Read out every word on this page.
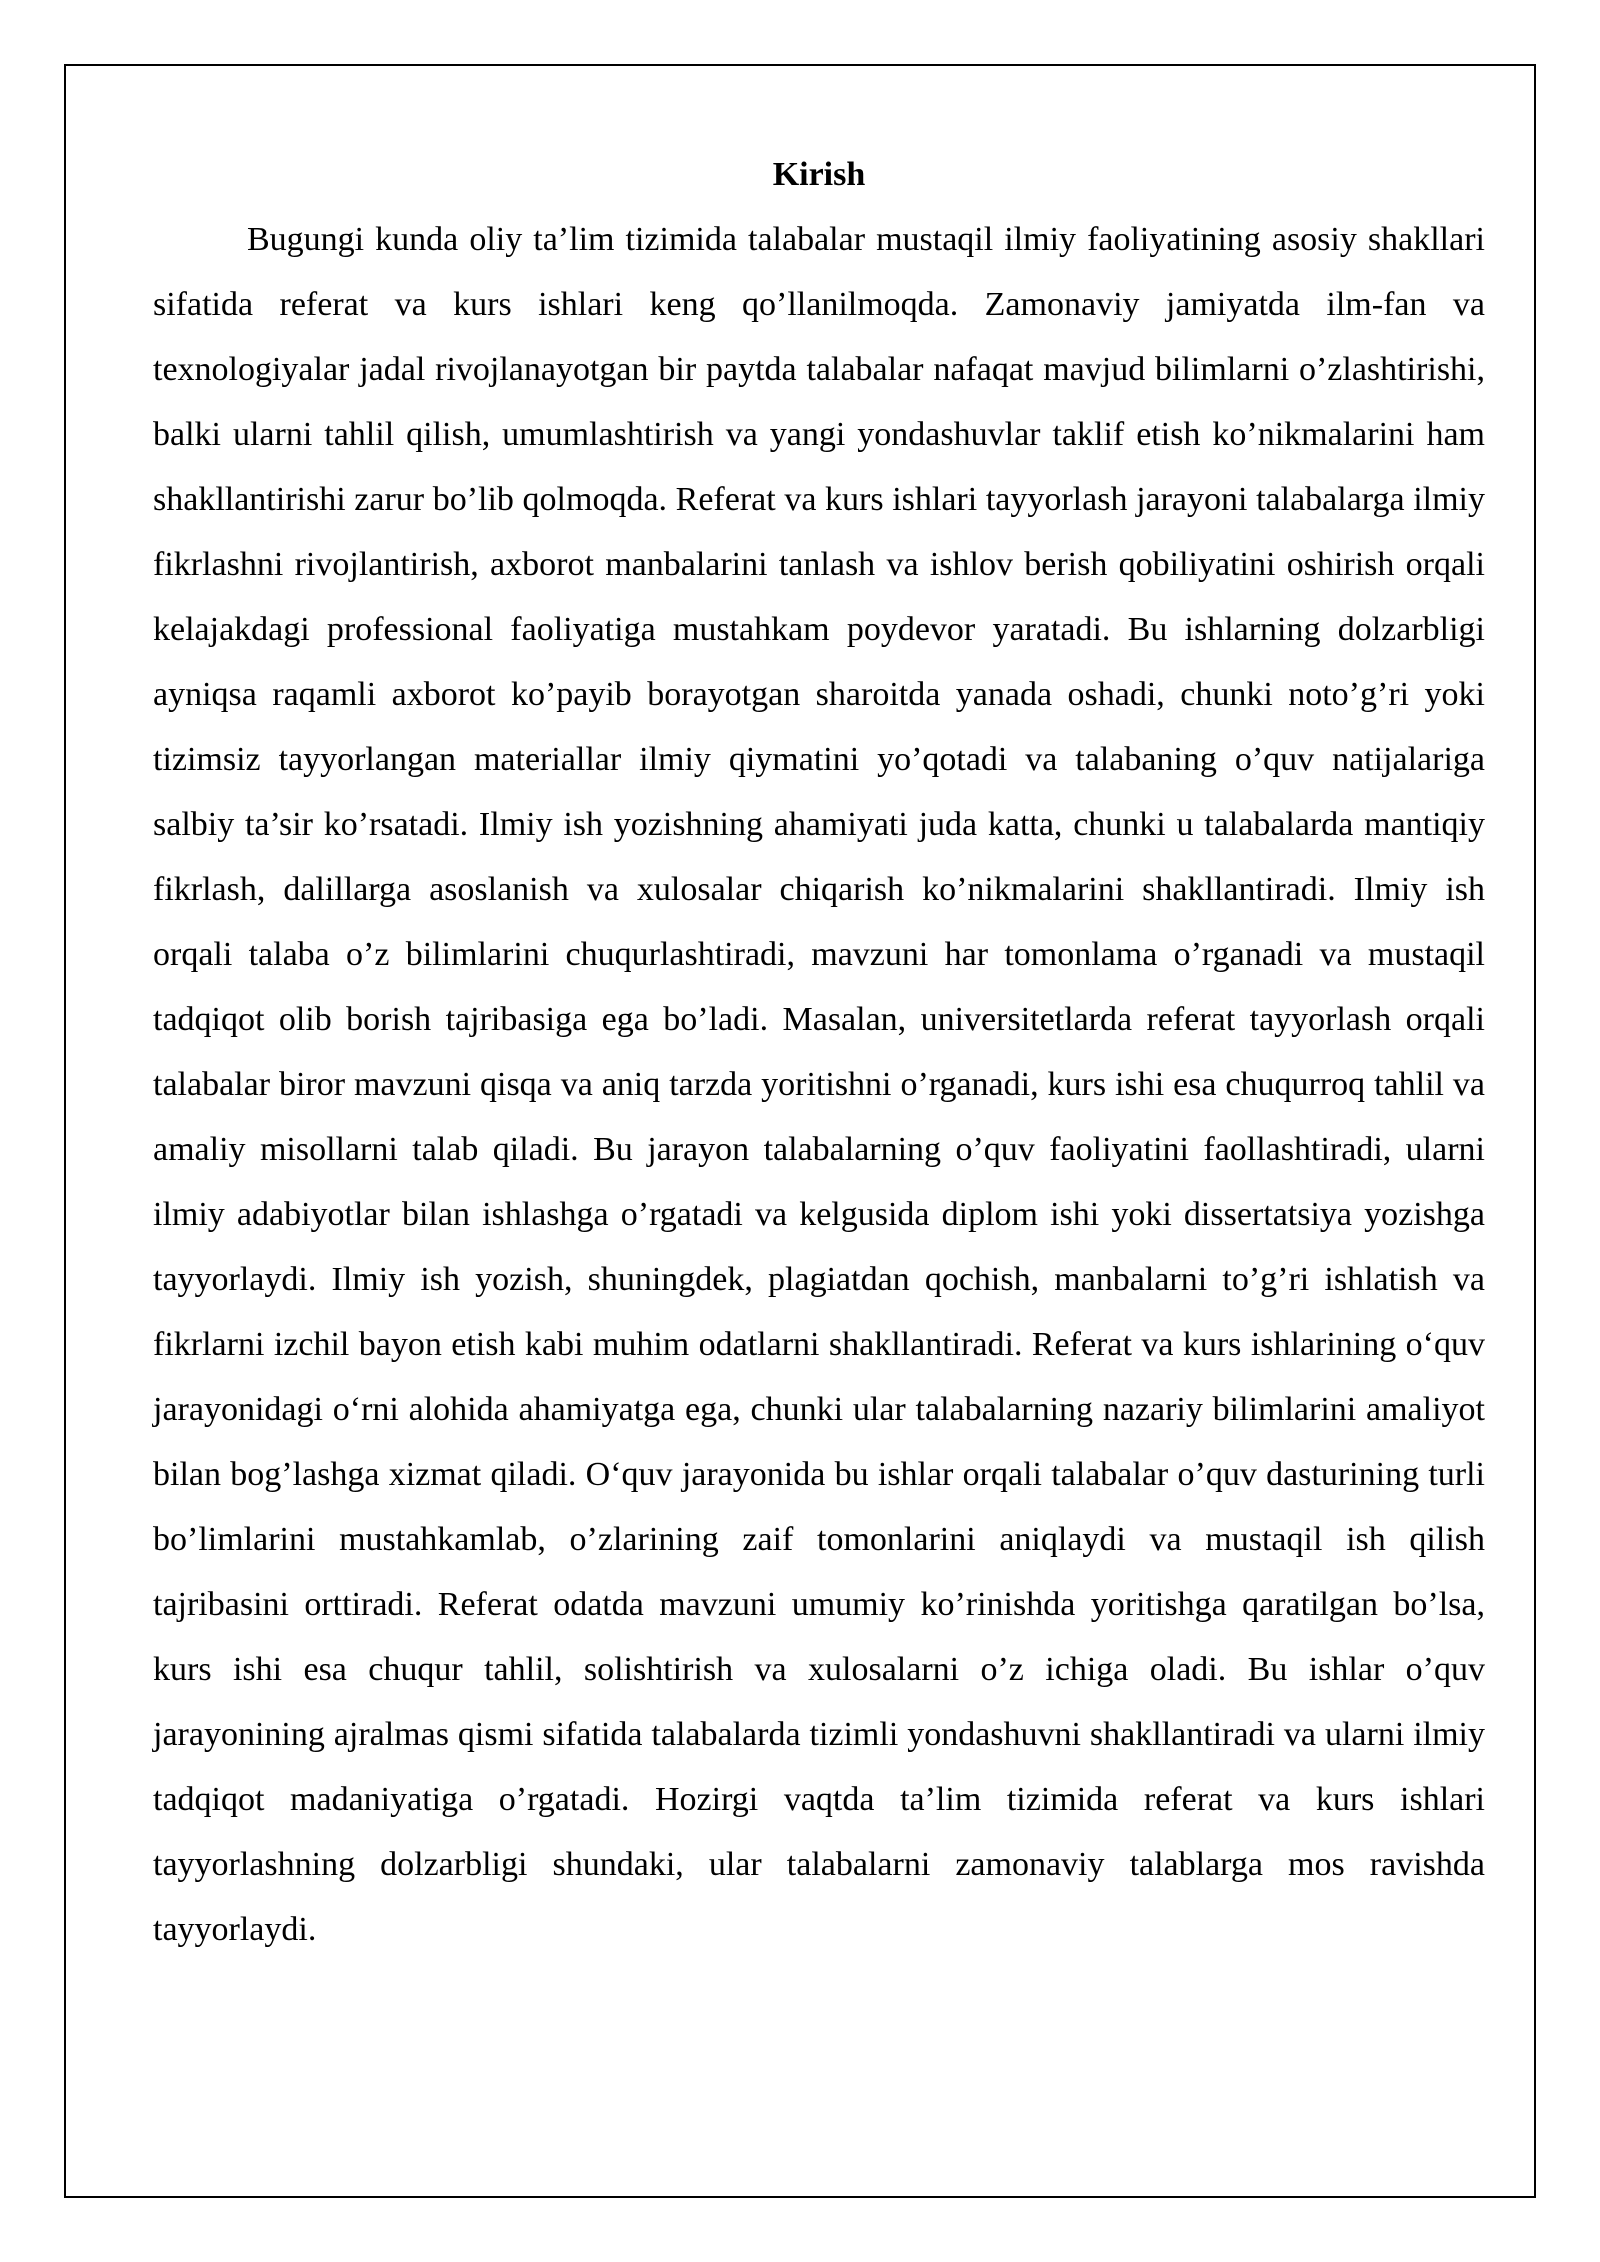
Kirish

Bugungi kunda oliy ta’lim tizimida talabalar mustaqil ilmiy faoliyatining asosiy shakllari sifatida referat va kurs ishlari keng qo’llanilmoqda. Zamonaviy jamiyatda ilm-fan va texnologiyalar jadal rivojlanayotgan bir paytda talabalar nafaqat mavjud bilimlarni o’zlashtirishi, balki ularni tahlil qilish, umumlashtirish va yangi yondashuvlar taklif etish ko’nikmalarini ham shakllantirishi zarur bo’lib qolmoqda. Referat va kurs ishlari tayyorlash jarayoni talabalarga ilmiy fikrlashni rivojlantirish, axborot manbalarini tanlash va ishlov berish qobiliyatini oshirish orqali kelajakdagi professional faoliyatiga mustahkam poydevor yaratadi. Bu ishlarning dolzarbligi ayniqsa raqamli axborot ko’payib borayotgan sharoitda yanada oshadi, chunki noto’g’ri yoki tizimsiz tayyorlangan materiallar ilmiy qiymatini yo’qotadi va talabaning o’quv natijalariga salbiy ta’sir ko’rsatadi. Ilmiy ish yozishning ahamiyati juda katta, chunki u talabalarda mantiqiy fikrlash, dalillarga asoslanish va xulosalar chiqarish ko’nikmalarini shakllantiradi. Ilmiy ish orqali talaba o’z bilimlarini chuqurlashtiradi, mavzuni har tomonlama o’rganadi va mustaqil tadqiqot olib borish tajribasiga ega bo’ladi. Masalan, universitetlarda referat tayyorlash orqali talabalar biror mavzuni qisqa va aniq tarzda yoritishni o’rganadi, kurs ishi esa chuqurroq tahlil va amaliy misollarni talab qiladi. Bu jarayon talabalarning o’quv faoliyatini faollashtiradi, ularni ilmiy adabiyotlar bilan ishlashga o’rgatadi va kelgusida diplom ishi yoki dissertatsiya yozishga tayyorlaydi. Ilmiy ish yozish, shuningdek, plagiatdan qochish, manbalarni to’g’ri ishlatish va fikrlarni izchil bayon etish kabi muhim odatlarni shakllantiradi. Referat va kurs ishlarining o‘quv jarayonidagi o‘rni alohida ahamiyatga ega, chunki ular talabalarning nazariy bilimlarini amaliyot bilan bog’lashga xizmat qiladi. O‘quv jarayonida bu ishlar orqali talabalar o’quv dasturining turli bo’limlarini mustahkamlab, o’zlarining zaif tomonlarini aniqlaydi va mustaqil ish qilish tajribasini orttiradi. Referat odatda mavzuni umumiy ko’rinishda yoritishga qaratilgan bo’lsa, kurs ishi esa chuqur tahlil, solishtirish va xulosalarni o’z ichiga oladi. Bu ishlar o’quv jarayonining ajralmas qismi sifatida talabalarda tizimli yondashuvni shakllantiradi va ularni ilmiy tadqiqot madaniyatiga o’rgatadi. Hozirgi vaqtda ta’lim tizimida referat va kurs ishlari tayyorlashning dolzarbligi shundaki, ular talabalarni zamonaviy talablarga mos ravishda tayyorlaydi.
